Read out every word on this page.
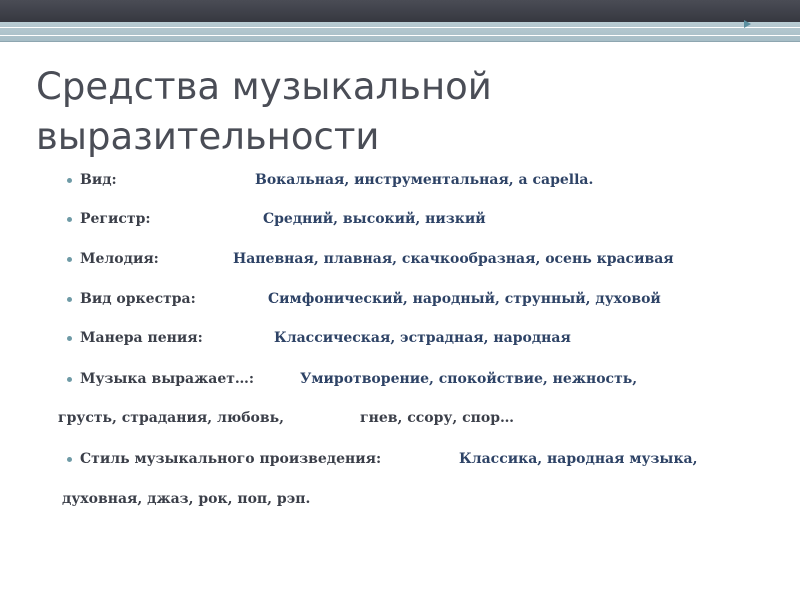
Средства музыкальной выразительности
Вид:	Вокальная, инструментальная, а capella.
Регистр:	Средний, высокий, низкий
Мелодия:	Напевная, плавная, скачкообразная, осень красивая
Вид оркестра:	Симфонический, народный, струнный, духовой
Манера пения:	Классическая, эстрадная, народная
Музыка выражает…:	Умиротворение, спокойствие, нежность,
грусть, страдания, любовь,	гнев, ссору, спор…
Стиль музыкального произведения:	Классика, народная музыка,
духовная, джаз, рок, поп, рэп.
